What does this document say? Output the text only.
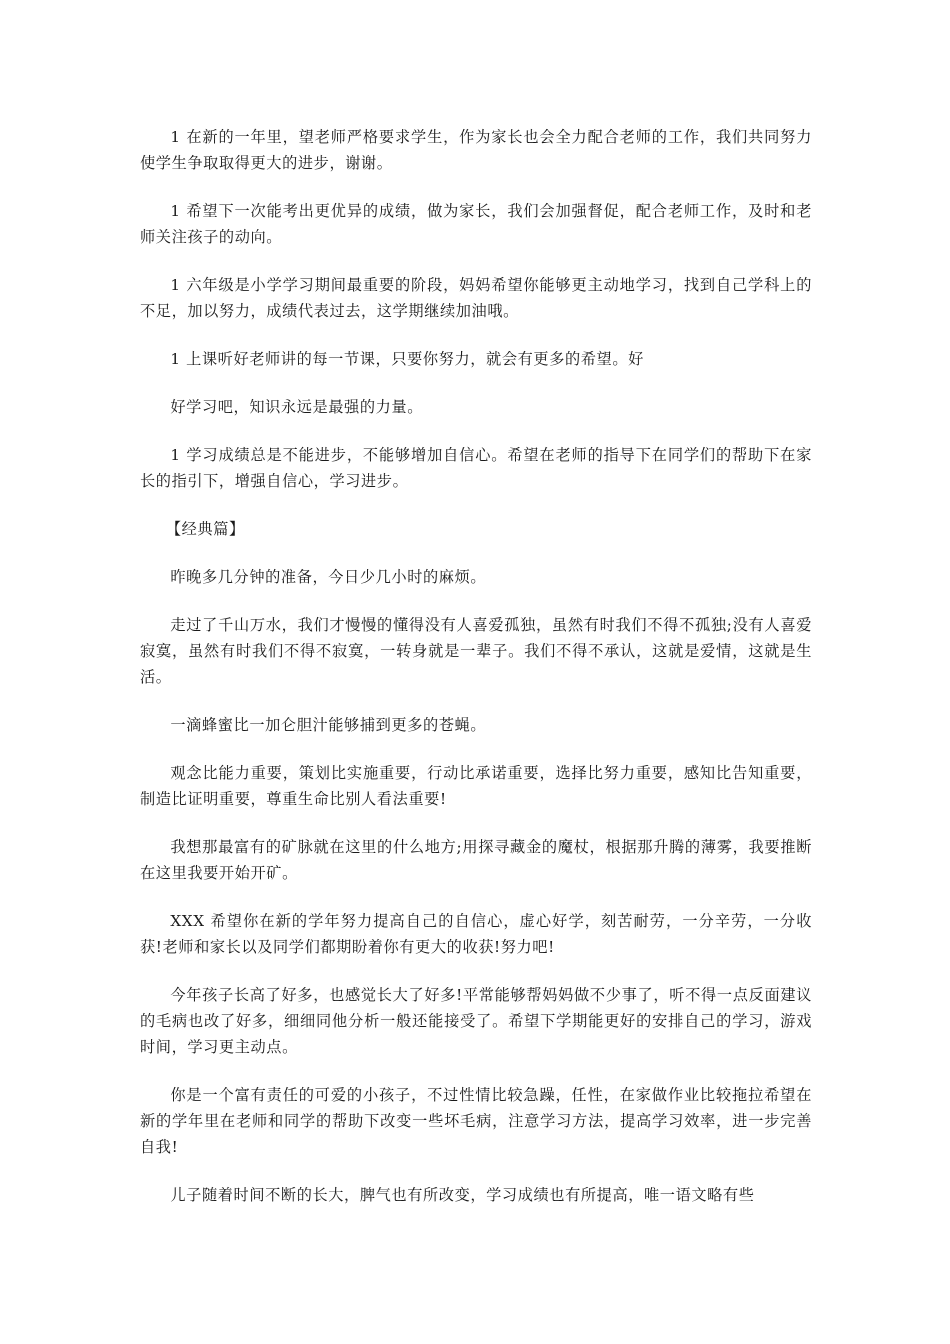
1 在新的一年里，望老师严格要求学生，作为家长也会全力配合老师的工作，我们共同努力使学生争取取得更大的进步，谢谢。

1 希望下一次能考出更优异的成绩，做为家长，我们会加强督促，配合老师工作，及时和老师关注孩子的动向。

1 六年级是小学学习期间最重要的阶段，妈妈希望你能够更主动地学习，找到自己学科上的不足，加以努力，成绩代表过去，这学期继续加油哦。

1 上课听好老师讲的每一节课，只要你努力，就会有更多的希望。好

好学习吧，知识永远是最强的力量。

1 学习成绩总是不能进步，不能够增加自信心。希望在老师的指导下在同学们的帮助下在家长的指引下，增强自信心，学习进步。

【经典篇】

昨晚多几分钟的准备，今日少几小时的麻烦。

走过了千山万水，我们才慢慢的懂得没有人喜爱孤独，虽然有时我们不得不孤独;没有人喜爱寂寞，虽然有时我们不得不寂寞，一转身就是一辈子。我们不得不承认，这就是爱情，这就是生活。

一滴蜂蜜比一加仑胆汁能够捕到更多的苍蝇。

观念比能力重要，策划比实施重要，行动比承诺重要，选择比努力重要，感知比告知重要，制造比证明重要，尊重生命比别人看法重要!

我想那最富有的矿脉就在这里的什么地方;用探寻藏金的魔杖，根据那升腾的薄雾，我要推断在这里我要开始开矿。

XXX 希望你在新的学年努力提高自己的自信心，虚心好学，刻苦耐劳，一分辛劳，一分收获!老师和家长以及同学们都期盼着你有更大的收获!努力吧!

今年孩子长高了好多，也感觉长大了好多!平常能够帮妈妈做不少事了，听不得一点反面建议的毛病也改了好多，细细同他分析一般还能接受了。希望下学期能更好的安排自己的学习，游戏时间，学习更主动点。

你是一个富有责任的可爱的小孩子，不过性情比较急躁，任性，在家做作业比较拖拉希望在新的学年里在老师和同学的帮助下改变一些坏毛病，注意学习方法，提高学习效率，进一步完善自我!

儿子随着时间不断的长大，脾气也有所改变，学习成绩也有所提高，唯一语文略有些
